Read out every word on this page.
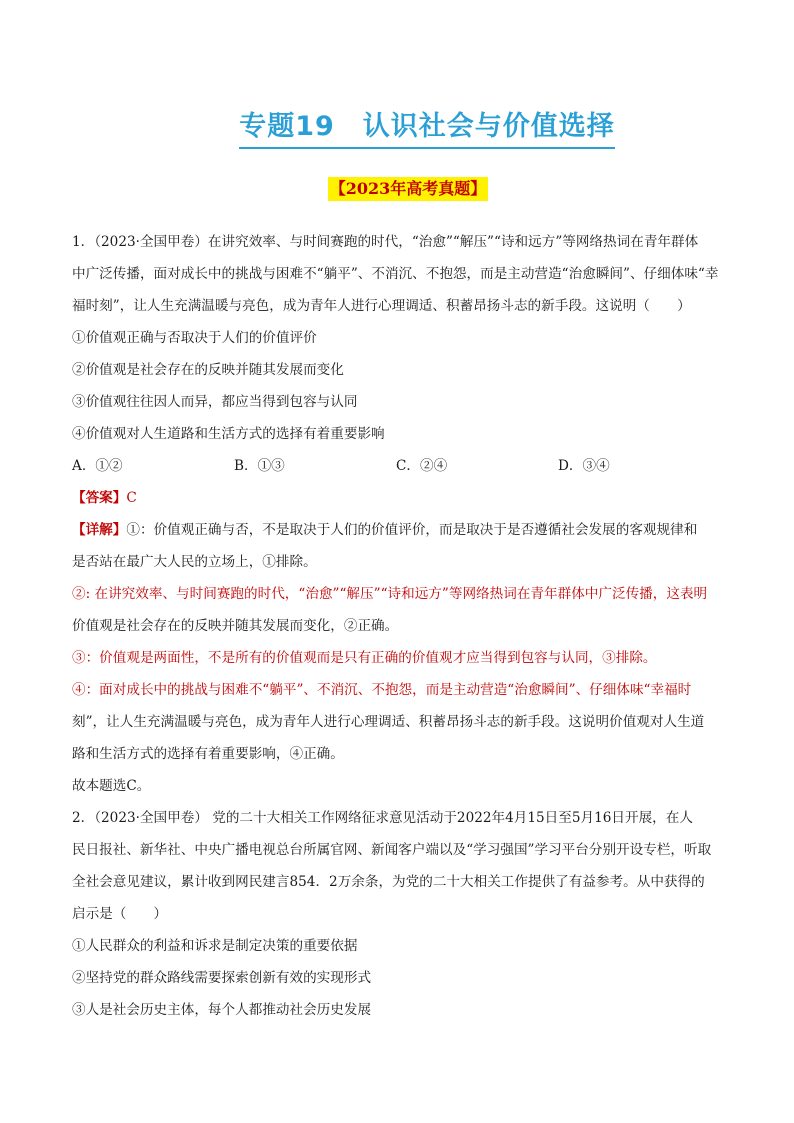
专题19　认识社会与价值选择
【2023年高考真题】

1．（2023·全国甲卷）在讲究效率、与时间赛跑的时代，“治愈”“解压”“诗和远方”等网络热词在青年群体

中广泛传播，面对成长中的挑战与困难不“躺平”、不消沉、不抱怨，而是主动营造“治愈瞬间”、仔细体味“幸

福时刻”，让人生充满温暖与亮色，成为青年人进行心理调适、积蓄昂扬斗志的新手段。这说明（　　）

①价值观正确与否取决于人们的价值评价

②价值观是社会存在的反映并随其发展而变化

③价值观往往因人而异，都应当得到包容与认同

④价值观对人生道路和生活方式的选择有着重要影响

A．①②	B．①③	C．②④	D．③④

【答案】C

【详解】①：价值观正确与否，不是取决于人们的价值评价，而是取决于是否遵循社会发展的客观规律和

是否站在最广大人民的立场上，①排除。

②: 在讲究效率、与时间赛跑的时代，“治愈”“解压”“诗和远方”等网络热词在青年群体中广泛传播，这表明

价值观是社会存在的反映并随其发展而变化，②正确。

③：价值观是两面性，不是所有的价值观而是只有正确的价值观才应当得到包容与认同，③排除。

④：面对成长中的挑战与困难不“躺平”、不消沉、不抱怨，而是主动营造“治愈瞬间”、仔细体味“幸福时

刻”，让人生充满温暖与亮色，成为青年人进行心理调适、积蓄昂扬斗志的新手段。这说明价值观对人生道

路和生活方式的选择有着重要影响，④正确。

故本题选C。

2．（2023·全国甲卷） 党的二十大相关工作网络征求意见活动于2022年4月15日至5月16日开展，在人

民日报社、新华社、中央广播电视总台所属官网、新闻客户端以及“学习强国”学习平台分别开设专栏，听取

全社会意见建议，累计收到网民建言854．2万余条，为党的二十大相关工作提供了有益参考。从中获得的

启示是（　　）

①人民群众的利益和诉求是制定决策的重要依据

②坚持党的群众路线需要探索创新有效的实现形式

③人是社会历史主体，每个人都推动社会历史发展
